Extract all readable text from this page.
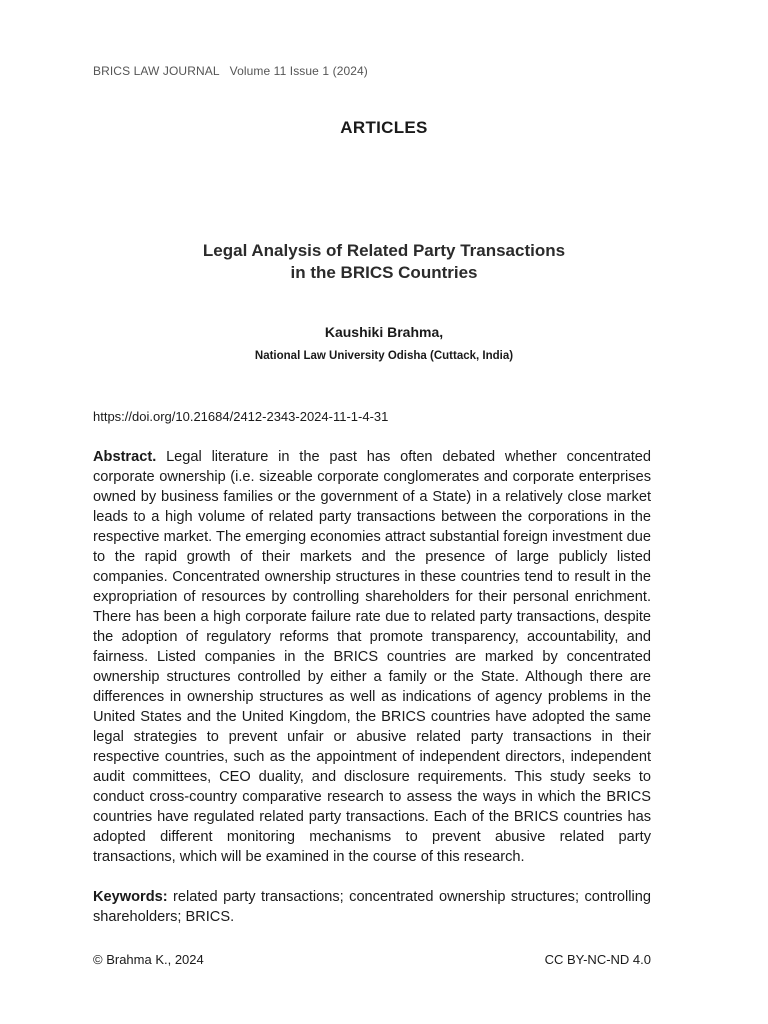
BRICS LAW JOURNAL Volume 11 Issue 1 (2024)
ARTICLES
Legal Analysis of Related Party Transactions
in the BRICS Countries
Kaushiki Brahma,
National Law University Odisha (Cuttack, India)
https://doi.org/10.21684/2412-2343-2024-11-1-4-31
Abstract. Legal literature in the past has often debated whether concentrated corporate ownership (i.e. sizeable corporate conglomerates and corporate enterprises owned by business families or the government of a State) in a relatively close market leads to a high volume of related party transactions between the corporations in the respective market. The emerging economies attract substantial foreign investment due to the rapid growth of their markets and the presence of large publicly listed companies. Concentrated ownership structures in these countries tend to result in the expropriation of resources by controlling shareholders for their personal enrichment. There has been a high corporate failure rate due to related party transactions, despite the adoption of regulatory reforms that promote transparency, accountability, and fairness. Listed companies in the BRICS countries are marked by concentrated ownership structures controlled by either a family or the State. Although there are differences in ownership structures as well as indications of agency problems in the United States and the United Kingdom, the BRICS countries have adopted the same legal strategies to prevent unfair or abusive related party transactions in their respective countries, such as the appointment of independent directors, independent audit committees, CEO duality, and disclosure requirements. This study seeks to conduct cross-country comparative research to assess the ways in which the BRICS countries have regulated related party transactions. Each of the BRICS countries has adopted different monitoring mechanisms to prevent abusive related party transactions, which will be examined in the course of this research.
Keywords: related party transactions; concentrated ownership structures; controlling shareholders; BRICS.
© Brahma K., 2024	CC BY-NC-ND 4.0
